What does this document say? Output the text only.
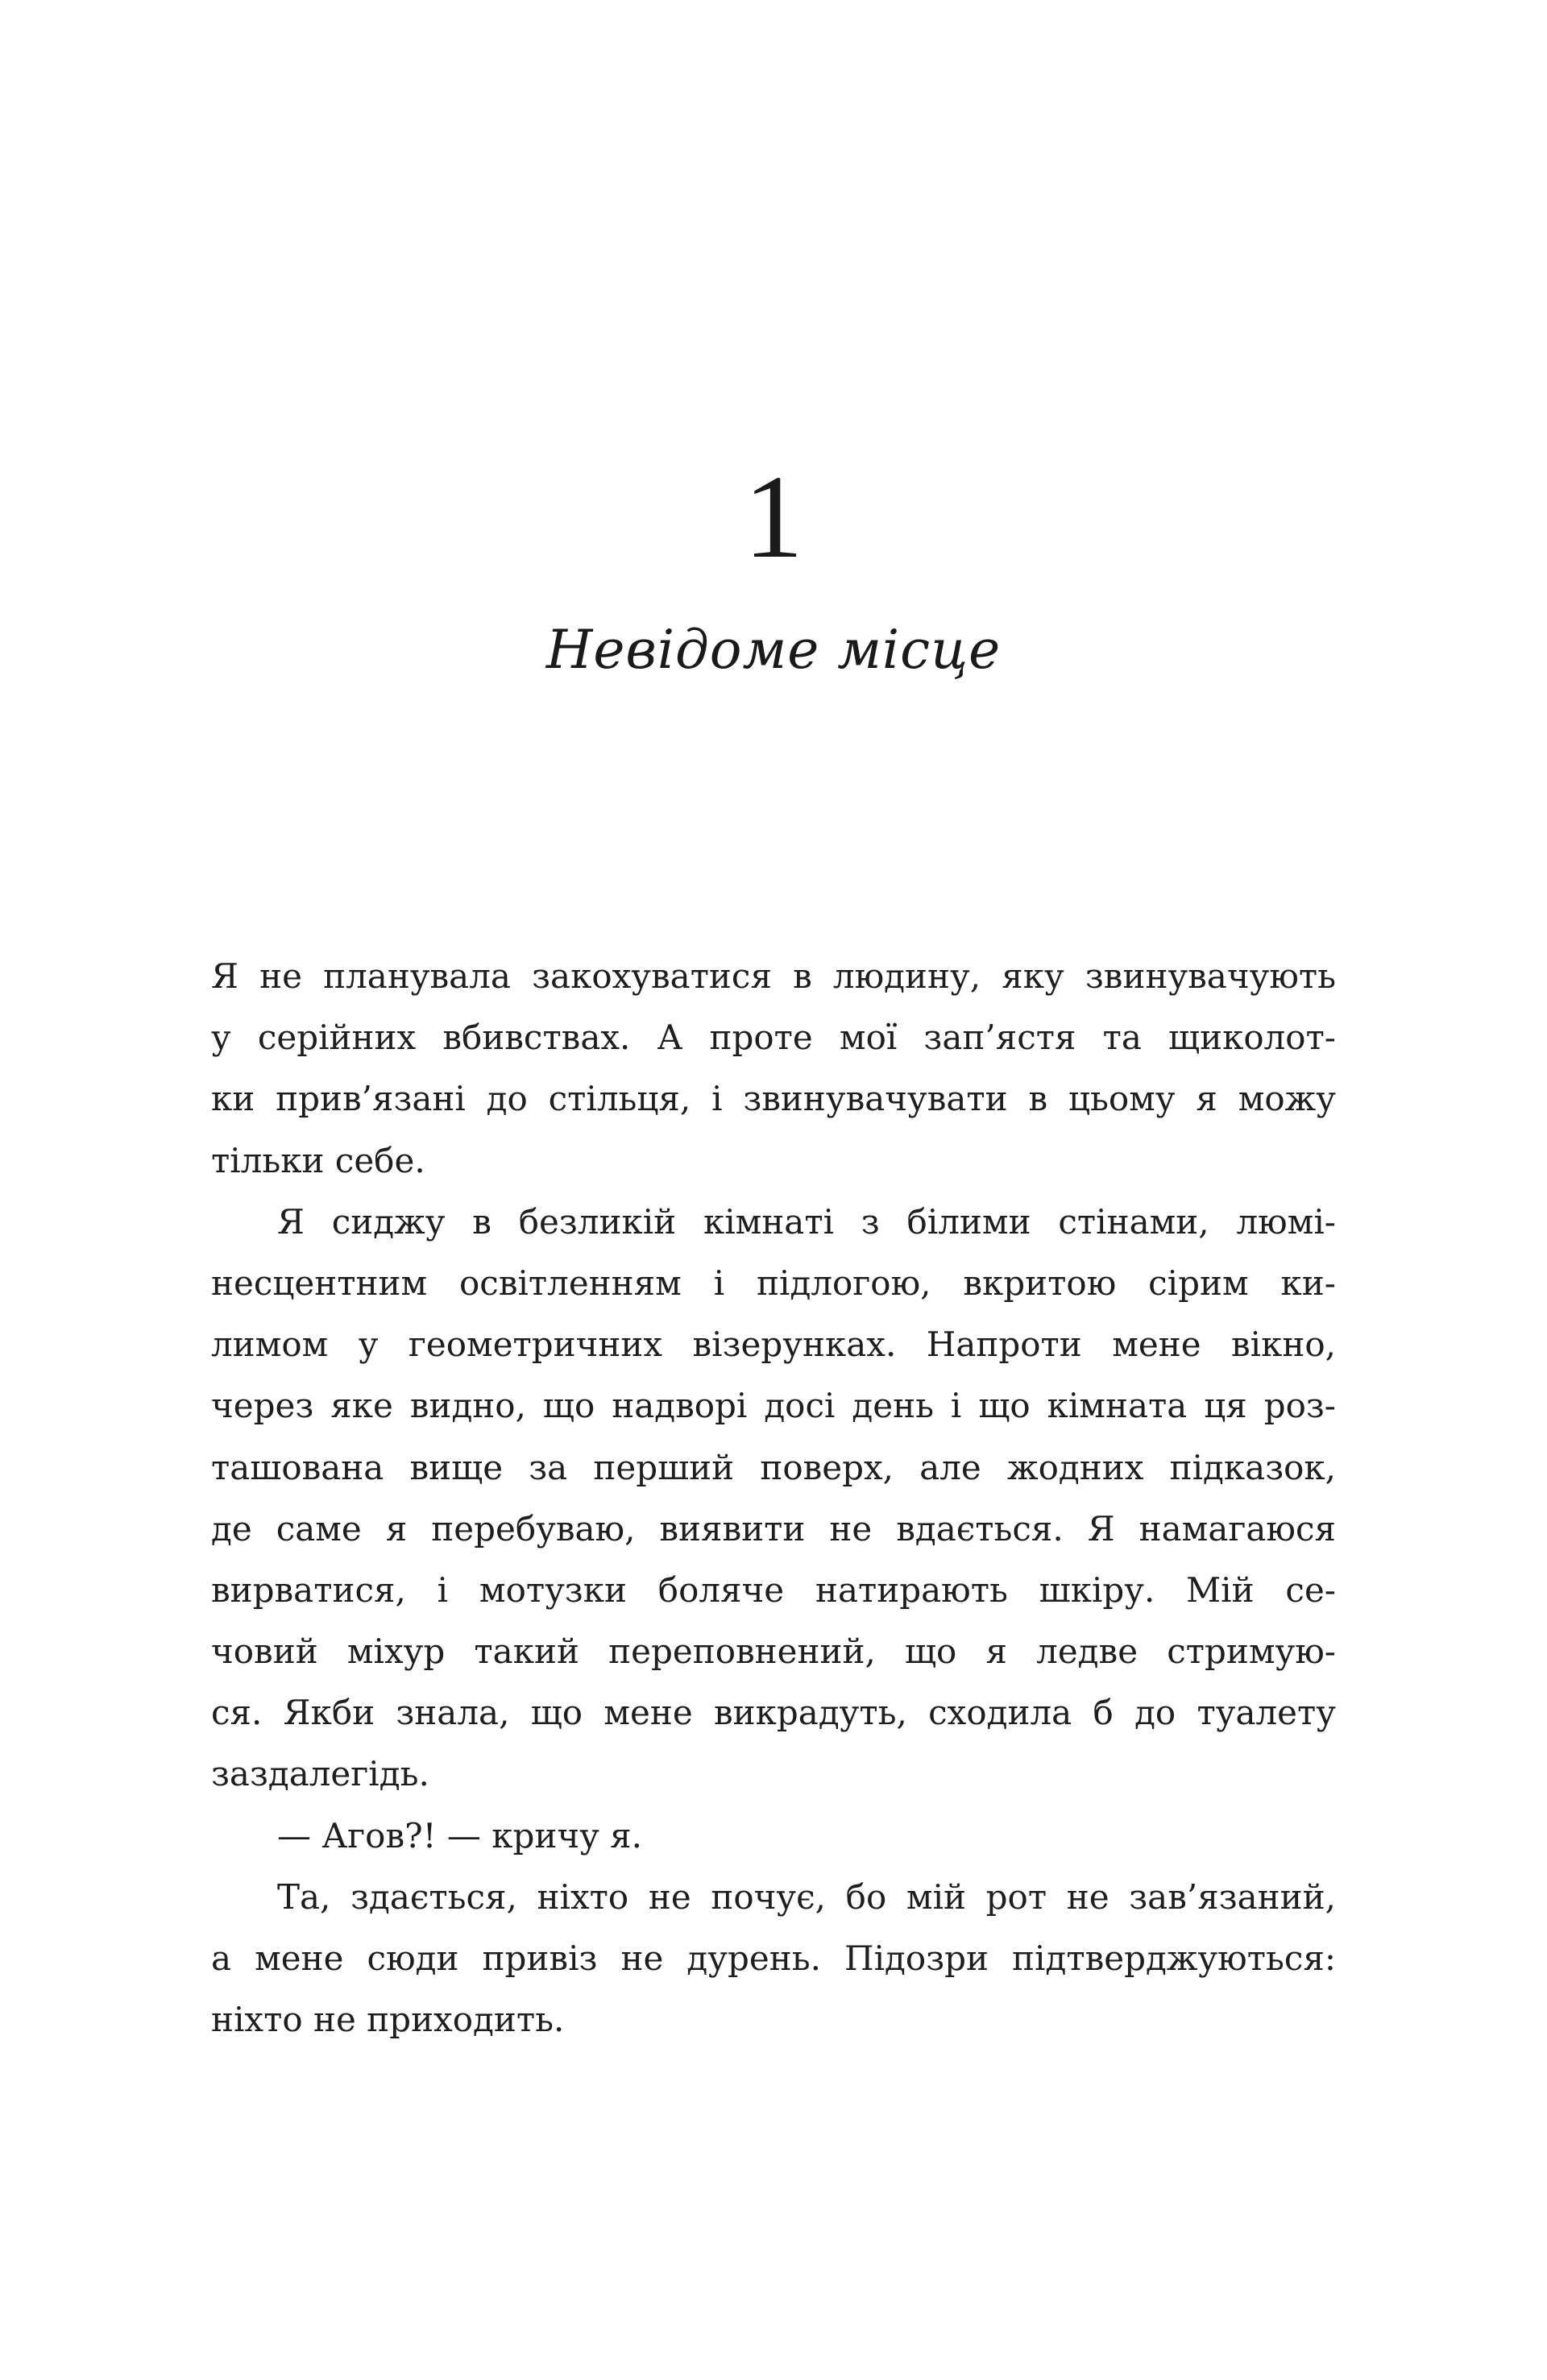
1
Невідоме місце
Я не планувала закохуватися в людину, яку звинувачують
у серійних вбивствах. А проте мої зап’ястя та щиколот-
ки прив’язані до стільця, і звинувачувати в цьому я можу
тільки себе.
Я сиджу в безликій кімнаті з білими стінами, люмі-
несцентним освітленням і підлогою, вкритою сірим ки-
лимом у геометричних візерунках. Напроти мене вікно,
через яке видно, що надворі досі день і що кімната ця роз-
ташована вище за перший поверх, але жодних підказок,
де саме я перебуваю, виявити не вдається. Я намагаюся
вирватися, і мотузки боляче натирають шкіру. Мій се-
човий міхур такий переповнений, що я ледве стримую-
ся. Якби знала, що мене викрадуть, сходила б до туалету
заздалегідь.
— Агов?! — кричу я.
Та, здається, ніхто не почує, бо мій рот не зав’язаний,
а мене сюди привіз не дурень. Підозри підтверджуються:
ніхто не приходить.
